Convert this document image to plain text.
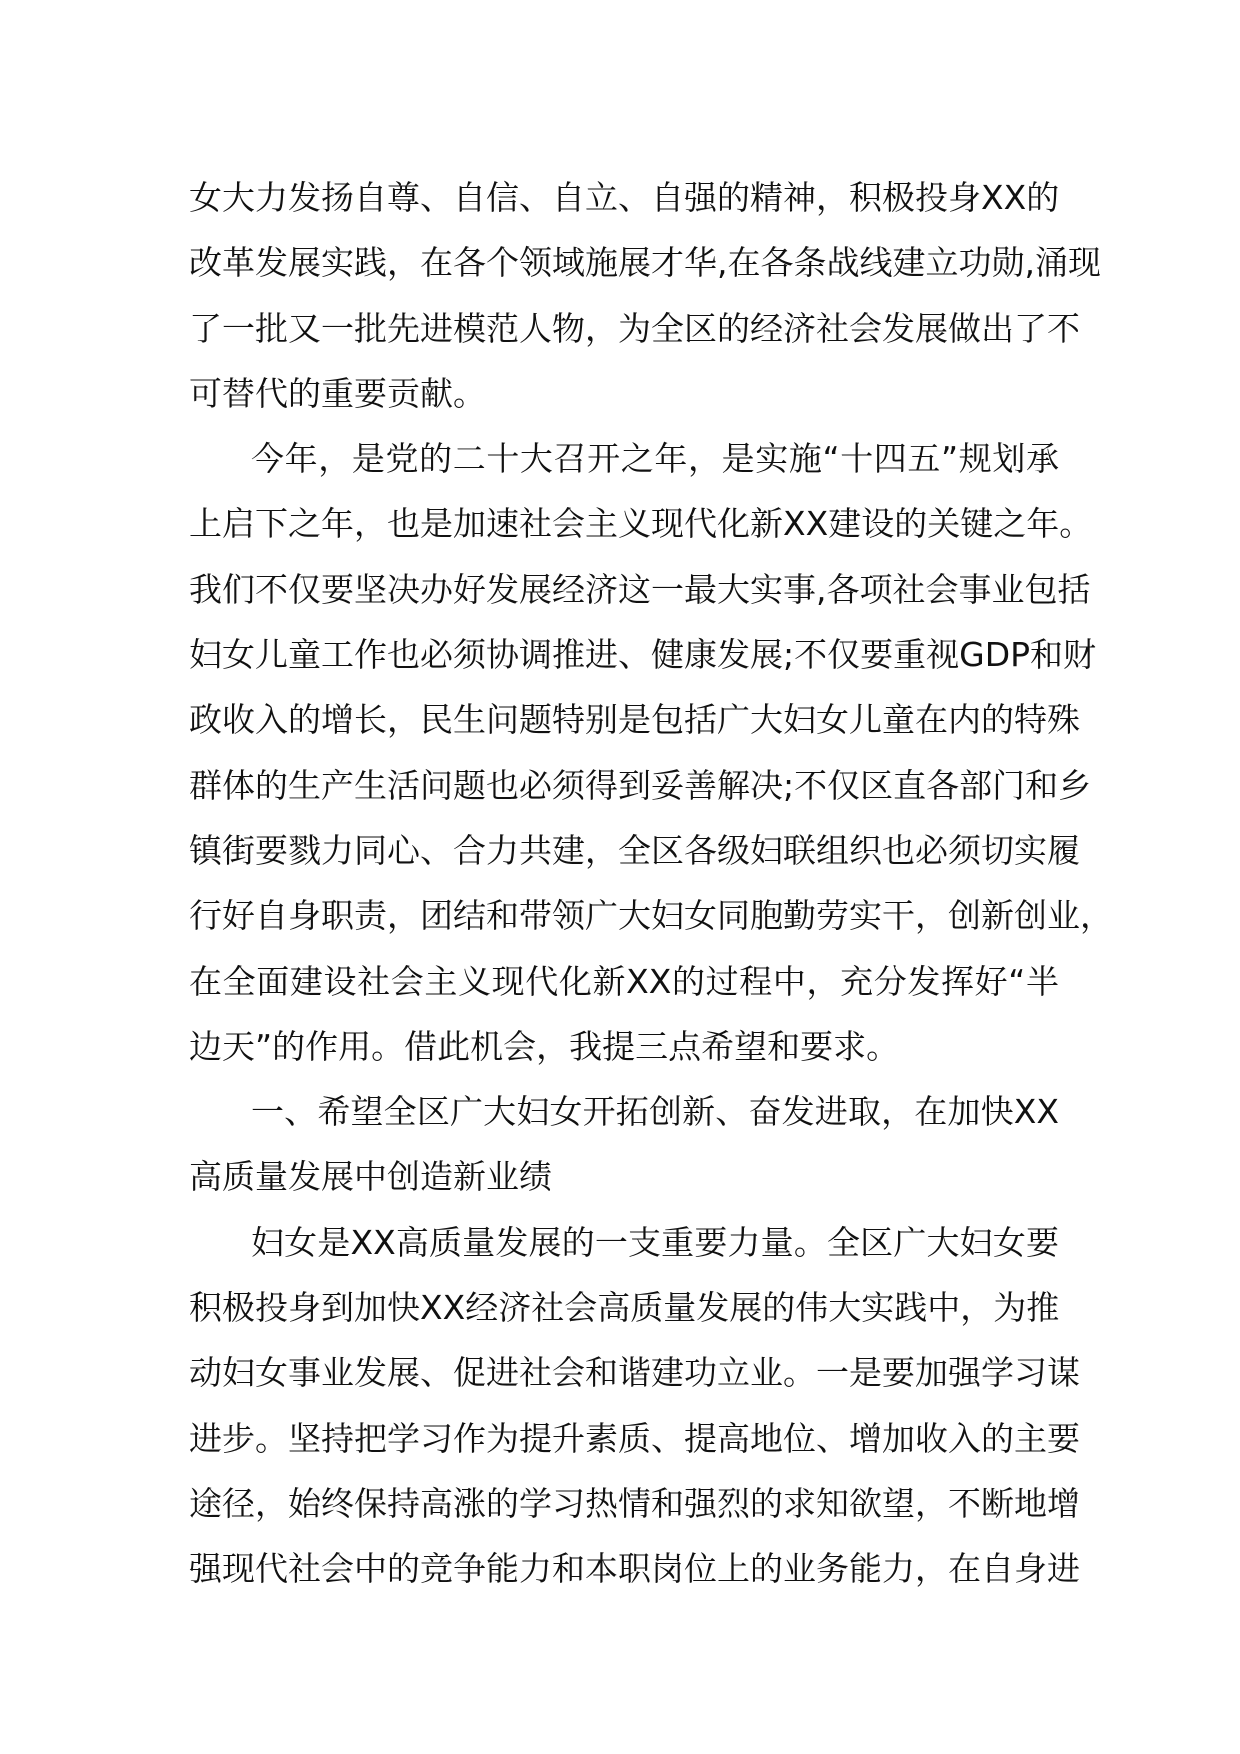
女大力发扬自尊、自信、自立、自强的精神，积极投身XX的
改革发展实践，在各个领域施展才华,在各条战线建立功勋,涌现
了一批又一批先进模范人物，为全区的经济社会发展做出了不
可替代的重要贡献。
今年，是党的二十大召开之年，是实施“十四五”规划承
上启下之年，也是加速社会主义现代化新XX建设的关键之年。
我们不仅要坚决办好发展经济这一最大实事,各项社会事业包括
妇女儿童工作也必须协调推进、健康发展;不仅要重视GDP和财
政收入的增长，民生问题特别是包括广大妇女儿童在内的特殊
群体的生产生活问题也必须得到妥善解决;不仅区直各部门和乡
镇街要戮力同心、合力共建，全区各级妇联组织也必须切实履
行好自身职责，团结和带领广大妇女同胞勤劳实干，创新创业，
在全面建设社会主义现代化新XX的过程中，充分发挥好“半
边天”的作用。借此机会，我提三点希望和要求。
一、希望全区广大妇女开拓创新、奋发进取，在加快XX
高质量发展中创造新业绩
妇女是XX高质量发展的一支重要力量。全区广大妇女要
积极投身到加快XX经济社会高质量发展的伟大实践中，为推
动妇女事业发展、促进社会和谐建功立业。一是要加强学习谋
进步。坚持把学习作为提升素质、提高地位、增加收入的主要
途径，始终保持高涨的学习热情和强烈的求知欲望，不断地增
强现代社会中的竞争能力和本职岗位上的业务能力，在自身进
